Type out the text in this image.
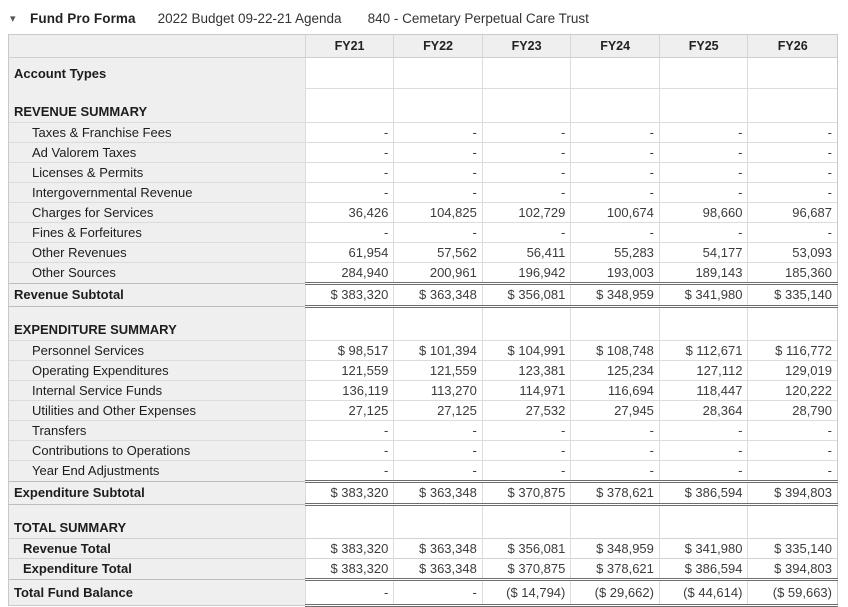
▾	Fund Pro Forma 2022 Budget 09-22-21 Agenda 840 - Cemetary Perpetual Care Trust
	FY21	FY22	FY23	FY24	FY25	FY26
Account Types						
REVENUE SUMMARY						
Taxes & Franchise Fees	-	-	-	-	-	-
Ad Valorem Taxes	-	-	-	-	-	-
Licenses & Permits	-	-	-	-	-	-
Intergovernmental Revenue	-	-	-	-	-	-
Charges for Services	36,426	104,825	102,729	100,674	98,660	96,687
Fines & Forfeitures	-	-	-	-	-	-
Other Revenues	61,954	57,562	56,411	55,283	54,177	53,093
Other Sources	284,940	200,961	196,942	193,003	189,143	185,360
Revenue Subtotal	$ 383,320	$ 363,348	$ 356,081	$ 348,959	$ 341,980	$ 335,140
EXPENDITURE SUMMARY						
Personnel Services	$ 98,517	$ 101,394	$ 104,991	$ 108,748	$ 112,671	$ 116,772
Operating Expenditures	121,559	121,559	123,381	125,234	127,112	129,019
Internal Service Funds	136,119	113,270	114,971	116,694	118,447	120,222
Utilities and Other Expenses	27,125	27,125	27,532	27,945	28,364	28,790
Transfers	-	-	-	-	-	-
Contributions to Operations	-	-	-	-	-	-
Year End Adjustments	-	-	-	-	-	-
Expenditure Subtotal	$ 383,320	$ 363,348	$ 370,875	$ 378,621	$ 386,594	$ 394,803
TOTAL SUMMARY						
Revenue Total	$ 383,320	$ 363,348	$ 356,081	$ 348,959	$ 341,980	$ 335,140
Expenditure Total	$ 383,320	$ 363,348	$ 370,875	$ 378,621	$ 386,594	$ 394,803
Total Fund Balance	-	-	($ 14,794)	($ 29,662)	($ 44,614)	($ 59,663)
